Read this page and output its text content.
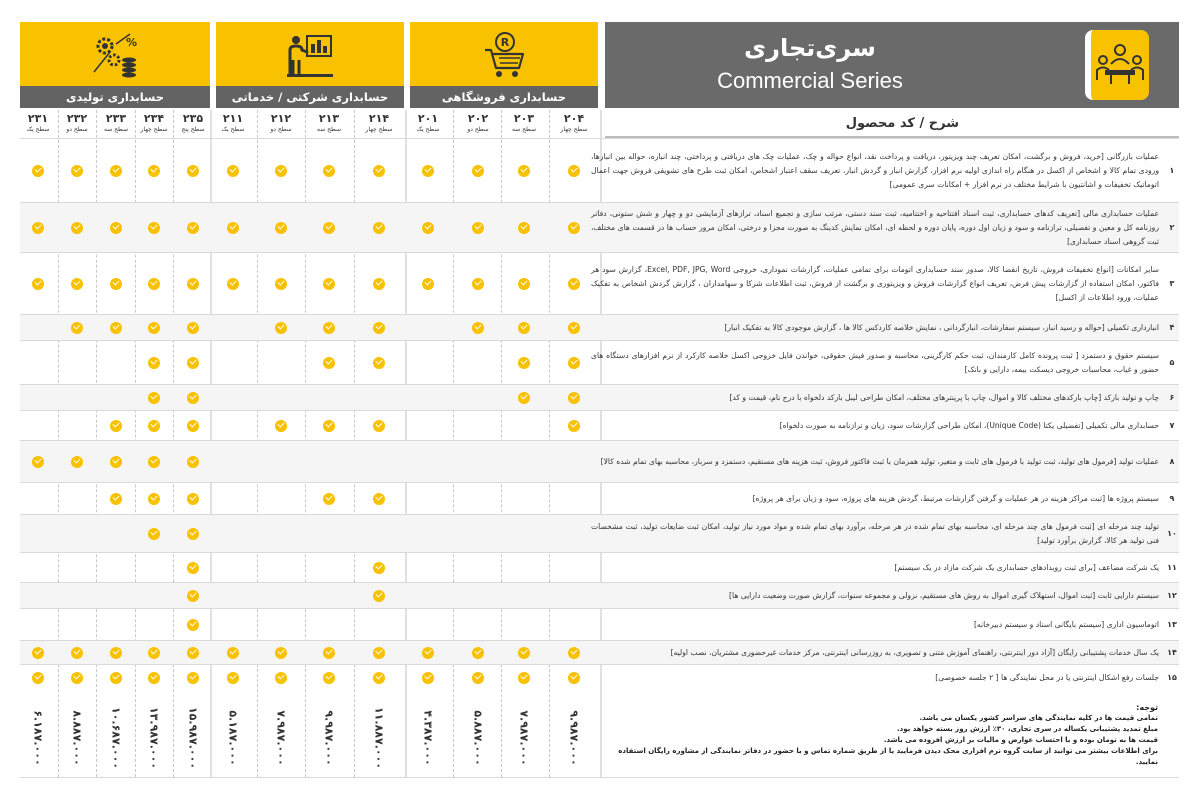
R
حسابداری فروشگاهی
حسابداری شرکتی / خدماتی
%
حسابداری تولیدی
سری‌تجاری
Commercial Series
شرح / کد محصول
۱
عملیات بازرگانی [خرید، فروش و برگشت، امکان تعریف چند ویزیتور، دریافت و پرداخت نقد، انواع حواله و چک، عملیات چک های دریافتی و پرداختی، چند انباره، حواله بین انبارها، ورودی تمام کالا و اشخاص از اکسل در هنگام راه اندازی اولیه نرم افزار، گزارش انبار و گردش انبار، تعریف سقف اعتبار اشخاص، امکان ثبت طرح های تشویقی فروش جهت اعمال اتوماتیک تخفیفات و اشانتیون با شرایط مختلف در نرم افزار + امکانات سری عمومی]
۲
عملیات حسابداری مالی [تعریف کدهای حسابداری، ثبت اسناد افتتاحیه و اختتامیه، ثبت سند دستی، مرتب سازی و تجمیع اسناد، ترازهای آزمایشی دو و چهار و شش ستونی، دفاتر روزنامه کل و معین و تفصیلی، ترازنامه و سود و زیان اول دوره، پایان دوره و لحظه ای، امکان نمایش کدینگ به صورت مجزا و درختی، امکان مرور حساب ها در قسمت های مختلف، ثبت گروهی اسناد حسابداری]
۳
سایر امکانات [انواع تخفیفات فروش، تاریخ انقضا کالا، صدور سند حسابداری اتومات برای تمامی عملیات، گزارشات نموداری، خروجی Excel, PDF, JPG, Word، گزارش سود هر فاکتور، امکان استفاده از گزارشات پیش فرض، تعریف انواع گزارشات فروش و ویزیتوری و برگشت از فروش، ثبت اطلاعات شرکا و سهامداران ، گزارش گردش اشخاص به تفکیک عملیات، ورود اطلاعات از اکسل]
۴
انبارداری تکمیلی [حواله و رسید انبار، سیستم سفارشات، انبارگردانی ، نمایش خلاصه کاردکس کالا ها ، گزارش موجودی کالا به تفکیک انبار]
۵
سیستم حقوق و دستمزد [ ثبت پرونده کامل کارمندان، ثبت حکم کارگزینی، محاسبه و صدور فیش حقوقی، خواندن فایل خروجی اکسل خلاصه کارکرد از نرم افزارهای دستگاه های حضور و غیاب، محاسبات خروجی دیسکت بیمه، دارایی و بانک]
۶
چاپ و تولید بارکد [چاپ بارکدهای مختلف کالا و اموال، چاپ با پرینترهای مختلف، امکان طراحی لیبل بارکد دلخواه با درج نام، قیمت و کد]
۷
حسابداری مالی تکمیلی [تفضیلی یکتا (Unique Code)، امکان طراحی گزارشات سود، زیان و ترازنامه به صورت دلخواه]
۸
عملیات تولید [فرمول های تولید، ثبت تولید با فرمول های ثابت و متغیر، تولید همزمان با ثبت فاکتور فروش، ثبت هزینه های مستقیم، دستمزد و سربار، محاسبه بهای تمام شده کالا]
۹
سیستم پروژه ها [ثبت مراکز هزینه در هر عملیات و گرفتن گزارشات مرتبط، گردش هزینه های پروژه، سود و زیان برای هر پروژه]
۱۰
تولید چند مرحله ای [ثبت فرمول های چند مرحله ای، محاسبه بهای تمام شده در هر مرحله، برآورد بهای تمام شده و مواد مورد نیاز تولید، امکان ثبت ضایعات تولید، ثبت مشخصات فنی تولید هر کالا، گزارش برآورد تولید]
۱۱
یک شرکت مضاعف [برای ثبت رویدادهای حسابداری یک شرکت مازاد در یک سیستم]
۱۲
سیستم دارایی ثابت [ثبت اموال، استهلاک گیری اموال به روش های مستقیم، نزولی و مجموعه سنوات، گزارش صورت وضعیت دارایی ها]
۱۳
اتوماسیون اداری [سیستم بایگانی اسناد و سیستم دبیرخانه]
۱۴
یک سال خدمات پشتیبانی رایگان [آزاد دور اینترنتی، راهنمای آموزش متنی و تصویری، به روزرسانی اینترنتی، مرکز خدمات غیرحضوری مشتریان، نصب اولیه]
۱۵
جلسات رفع اشکال اینترنتی یا در محل نمایندگی ها [ ۲ جلسه خصوصی]
۲۰۴
سطح چهار
۹.۹۸۷.۰۰۰
۲۰۳
سطح سه
۷.۹۸۷.۰۰۰
۲۰۲
سطح دو
۵.۸۸۷.۰۰۰
۲۰۱
سطح یک
۴.۳۸۷.۰۰۰
۲۱۴
سطح چهار
۱۱.۸۸۷.۰۰۰
۲۱۳
سطح سه
۹.۹۸۷.۰۰۰
۲۱۲
سطح دو
۷.۹۸۷.۰۰۰
۲۱۱
سطح یک
۵.۱۸۷.۰۰۰
۲۳۵
سطح پنج
۱۵.۹۸۷.۰۰۰
۲۳۴
سطح چهار
۱۳.۹۸۷.۰۰۰
۲۳۳
سطح سه
۱۰.۶۸۷.۰۰۰
۲۳۲
سطح دو
۸.۸۸۷.۰۰۰
۲۳۱
سطح یک
۶.۱۸۷.۰۰۰
توجه:
تمامی قیمت ها در کلیه نمایندگی های سراسر کشور یکسان می باشد.
مبلغ تمدید پشتیبانی یکساله در سری تجاری، ۳۰٪ ارزش روز بسته خواهد بود.
قیمت ها به تومان بوده و با احتساب عوارض و مالیات بر ارزش افزوده می باشد.
برای اطلاعات بیشتر می توانید از سایت گروه نرم افزاری محک دیدن فرمایید یا از طریق شماره تماس و یا حضور در دفاتر نمایندگی از مشاوره رایگان استفاده نمایید.
